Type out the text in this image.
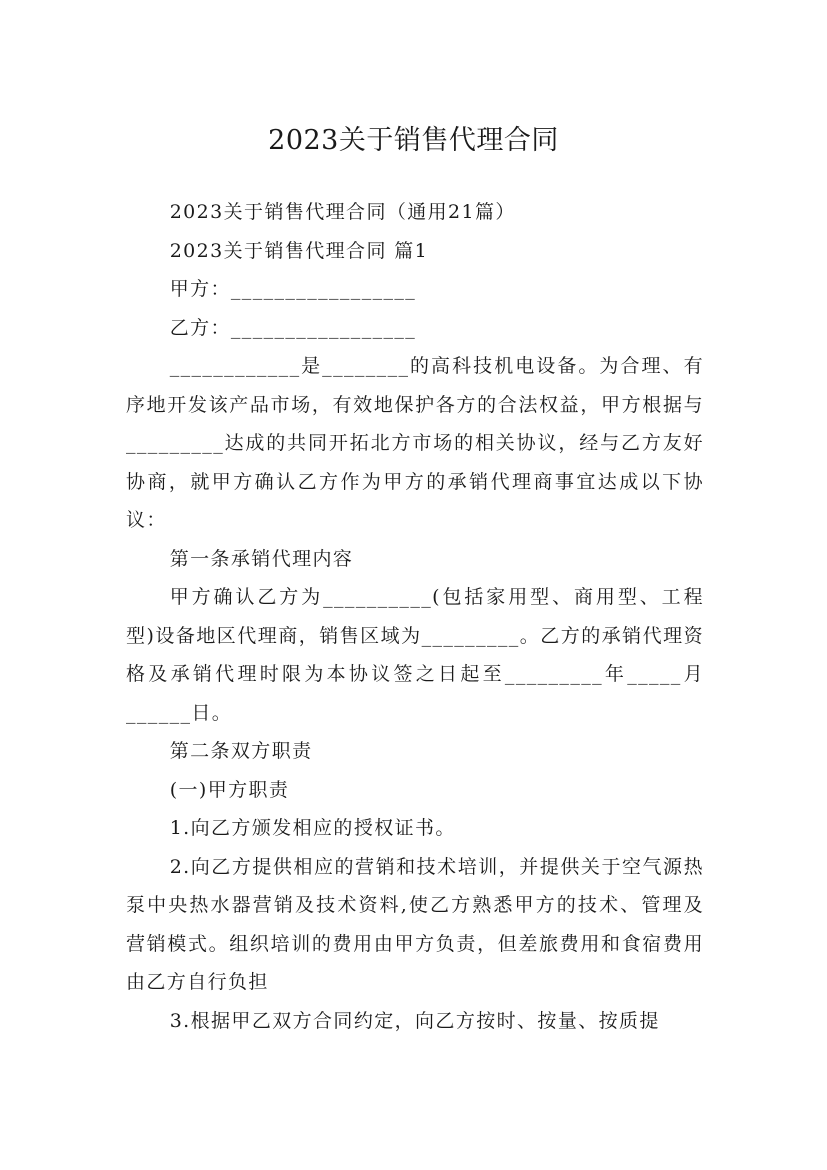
2023关于销售代理合同

2023关于销售代理合同（通用21篇）

2023关于销售代理合同 篇1

甲方：_________________

乙方：_________________

____________是________的高科技机电设备。为合理、有序地开发该产品市场，有效地保护各方的合法权益，甲方根据与_________达成的共同开拓北方市场的相关协议，经与乙方友好协商，就甲方确认乙方作为甲方的承销代理商事宜达成以下协议：

第一条承销代理内容

甲方确认乙方为__________(包括家用型、商用型、工程型)设备地区代理商，销售区域为_________。乙方的承销代理资格及承销代理时限为本协议签之日起至_________年_____月______日。

第二条双方职责

(一)甲方职责

1.向乙方颁发相应的授权证书。

2.向乙方提供相应的营销和技术培训，并提供关于空气源热泵中央热水器营销及技术资料,使乙方熟悉甲方的技术、管理及营销模式。组织培训的费用由甲方负责，但差旅费用和食宿费用由乙方自行负担

3.根据甲乙双方合同约定，向乙方按时、按量、按质提
